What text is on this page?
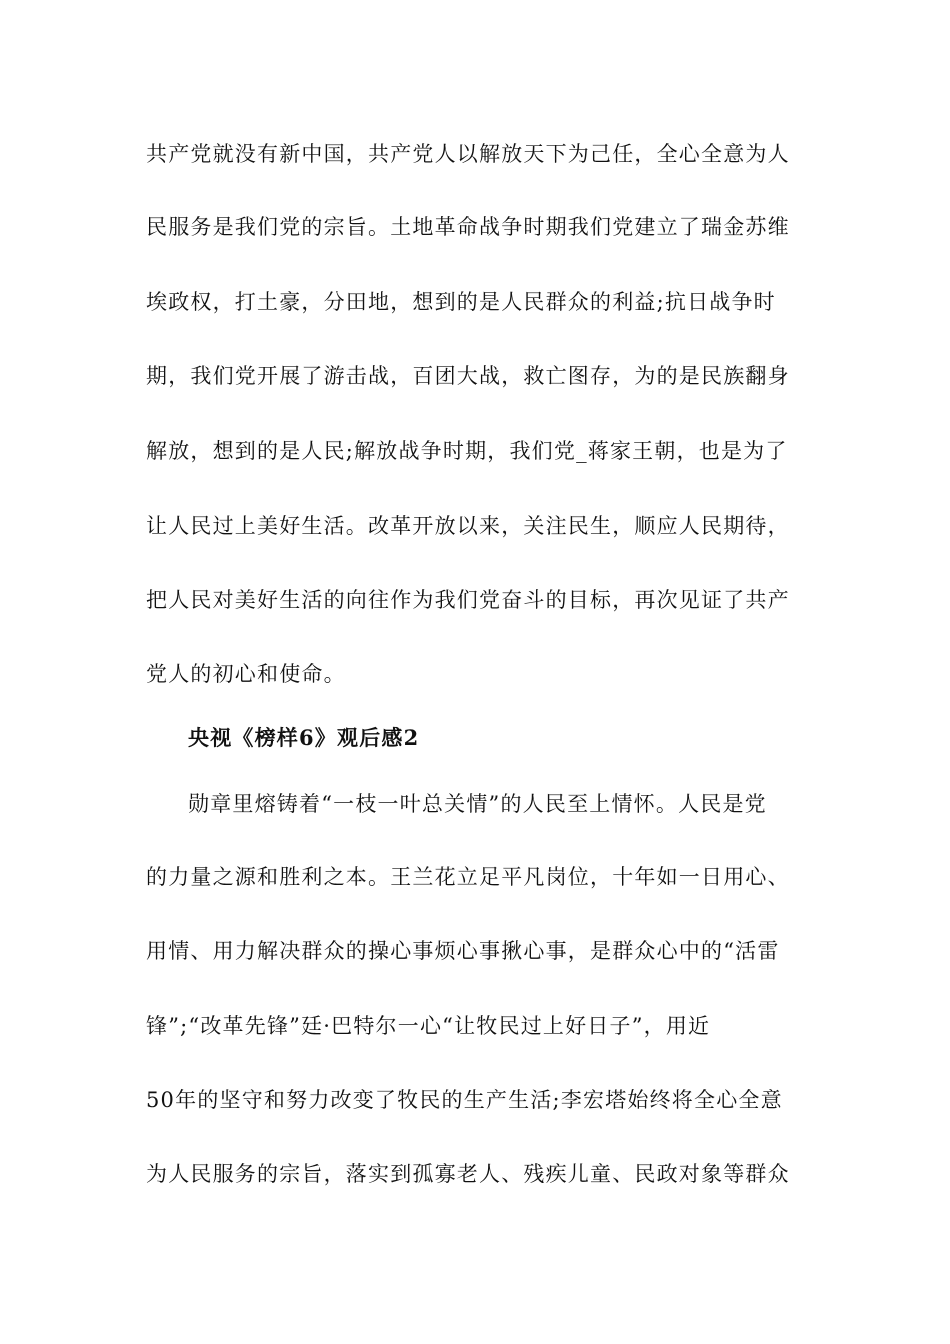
共产党就没有新中国，共产党人以解放天下为己任，全心全意为人
民服务是我们党的宗旨。土地革命战争时期我们党建立了瑞金苏维
埃政权，打土豪，分田地，想到的是人民群众的利益;抗日战争时
期，我们党开展了游击战，百团大战，救亡图存，为的是民族翻身
解放，想到的是人民;解放战争时期，我们党_蒋家王朝，也是为了
让人民过上美好生活。改革开放以来，关注民生，顺应人民期待，
把人民对美好生活的向往作为我们党奋斗的目标，再次见证了共产
党人的初心和使命。
央视《榜样6》观后感2
勋章里熔铸着“一枝一叶总关情”的人民至上情怀。人民是党
的力量之源和胜利之本。王兰花立足平凡岗位，十年如一日用心、
用情、用力解决群众的操心事烦心事揪心事，是群众心中的“活雷
锋”;“改革先锋”廷·巴特尔一心“让牧民过上好日子”，用近
50年的坚守和努力改变了牧民的生产生活;李宏塔始终将全心全意
为人民服务的宗旨，落实到孤寡老人、残疾儿童、民政对象等群众
